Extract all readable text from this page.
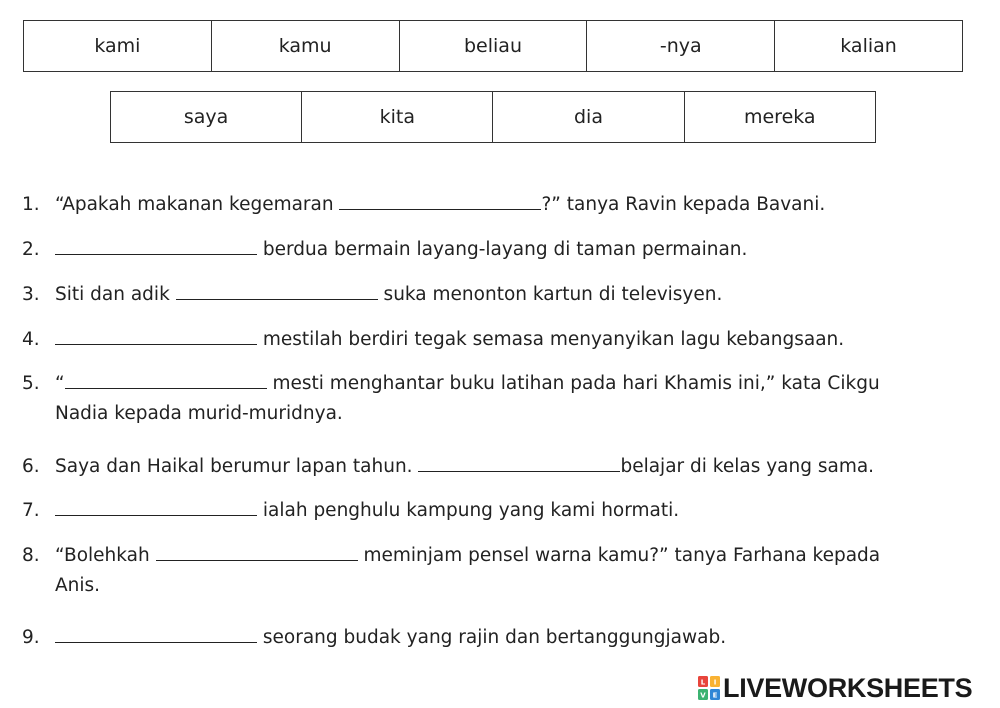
kami	kamu	beliau	-nya	kalian
saya	kita	dia	mereka
1. “Apakah makanan kegemaran	?” tanya Ravin kepada Bavani.
2.	berdua bermain layang-layang di taman permainan.
3. Siti dan adik	suka menonton kartun di televisyen.
4.	mestilah berdiri tegak semasa menyanyikan lagu kebangsaan.
5. “	mesti menghantar buku latihan pada hari Khamis ini,” kata Cikgu
Nadia kepada murid-muridnya.
6. Saya dan Haikal berumur lapan tahun.	belajar di kelas yang sama.
7.	ialah penghulu kampung yang kami hormati.
8. “Bolehkah	meminjam pensel warna kamu?” tanya Farhana kepada
Anis.
9.	seorang budak yang rajin dan bertanggungjawab.
L I
V E LIVEWORKSHEETS
